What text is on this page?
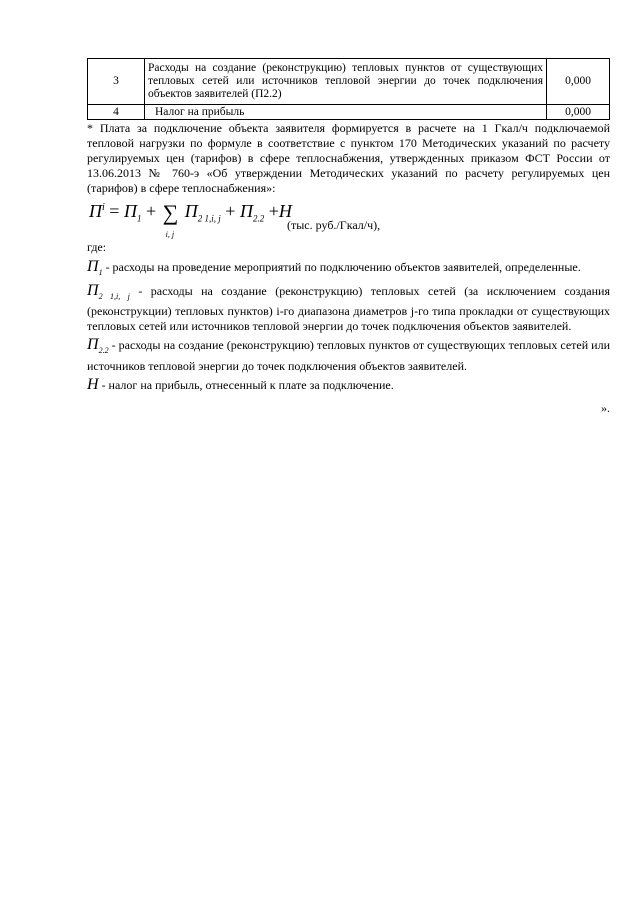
3	Расходы на создание (реконструкцию) тепловых пунктов от существующих тепловых сетей или источников тепловой энергии до точек подключения объектов заявителей (П2.2)	0,000
4	Налог на прибыль	0,000

* Плата за подключение объекта заявителя формируется в расчете на 1 Гкал/ч подключаемой тепловой нагрузки по формуле в соответствие с пунктом 170 Методических указаний по расчету регулируемых цен (тарифов) в сфере теплоснабжения, утвержденных приказом ФСТ России от 13.06.2013 № 760-э «Об утверждении Методических указаний по расчету регулируемых цен (тарифов) в сфере теплоснабжения»:

$П^i = П_1$ + ∑
i, j
$П_{2 1,i, j} + П_{2.2} +Н$
(тыс. руб./Гкал/ч),

где:

$П_1$ - расходы на проведение мероприятий по подключению объектов заявителей, определенные.

$П_{2 1,i, j}$ - расходы на создание (реконструкцию) тепловых сетей (за исключением создания (реконструкции) тепловых пунктов) i-го диапазона диаметров j-го типа прокладки от существующих тепловых сетей или источников тепловой энергии до точек подключения объектов заявителей.

$П_{2.2}$ - расходы на создание (реконструкцию) тепловых пунктов от существующих тепловых сетей или источников тепловой энергии до точек подключения объектов заявителей.

Н - налог на прибыль, отнесенный к плате за подключение.

».
